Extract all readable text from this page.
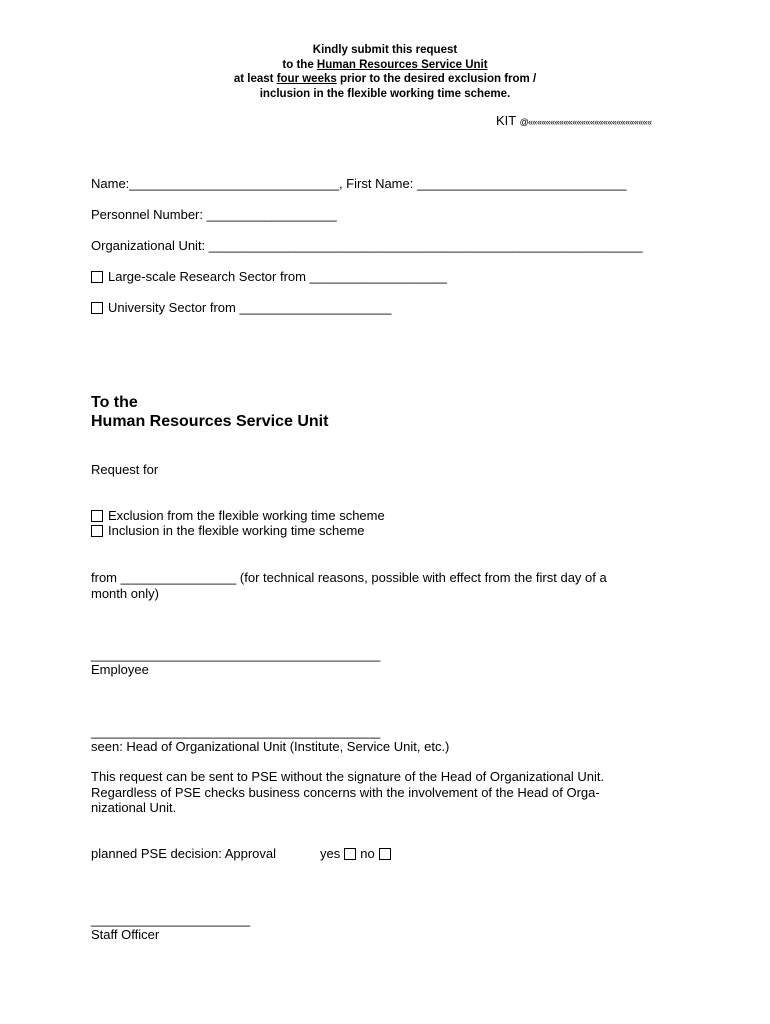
Kindly submit this request
to the Human Resources Service Unit
at least four weeks prior to the desired exclusion from /
inclusion in the flexible working time scheme.
KIT @««««««««««««««««««««««««««««
Name:_____________________________, First Name: _____________________________
Personnel Number: __________________
Organizational Unit: ____________________________________________________________
Large-scale Research Sector from ___________________
University Sector from _____________________
To the
Human Resources Service Unit
Request for
Exclusion from the flexible working time scheme
Inclusion in the flexible working time scheme
from ________________ (for technical reasons, possible with effect from the first day of a
month only)
________________________________________
Employee
________________________________________
seen: Head of Organizational Unit (Institute, Service Unit, etc.)
This request can be sent to PSE without the signature of the Head of Organizational Unit.
Regardless of PSE checks business concerns with the involvement of the Head of Orga-
nizational Unit.
planned PSE decision: Approval	yes no
______________________
Staff Officer
